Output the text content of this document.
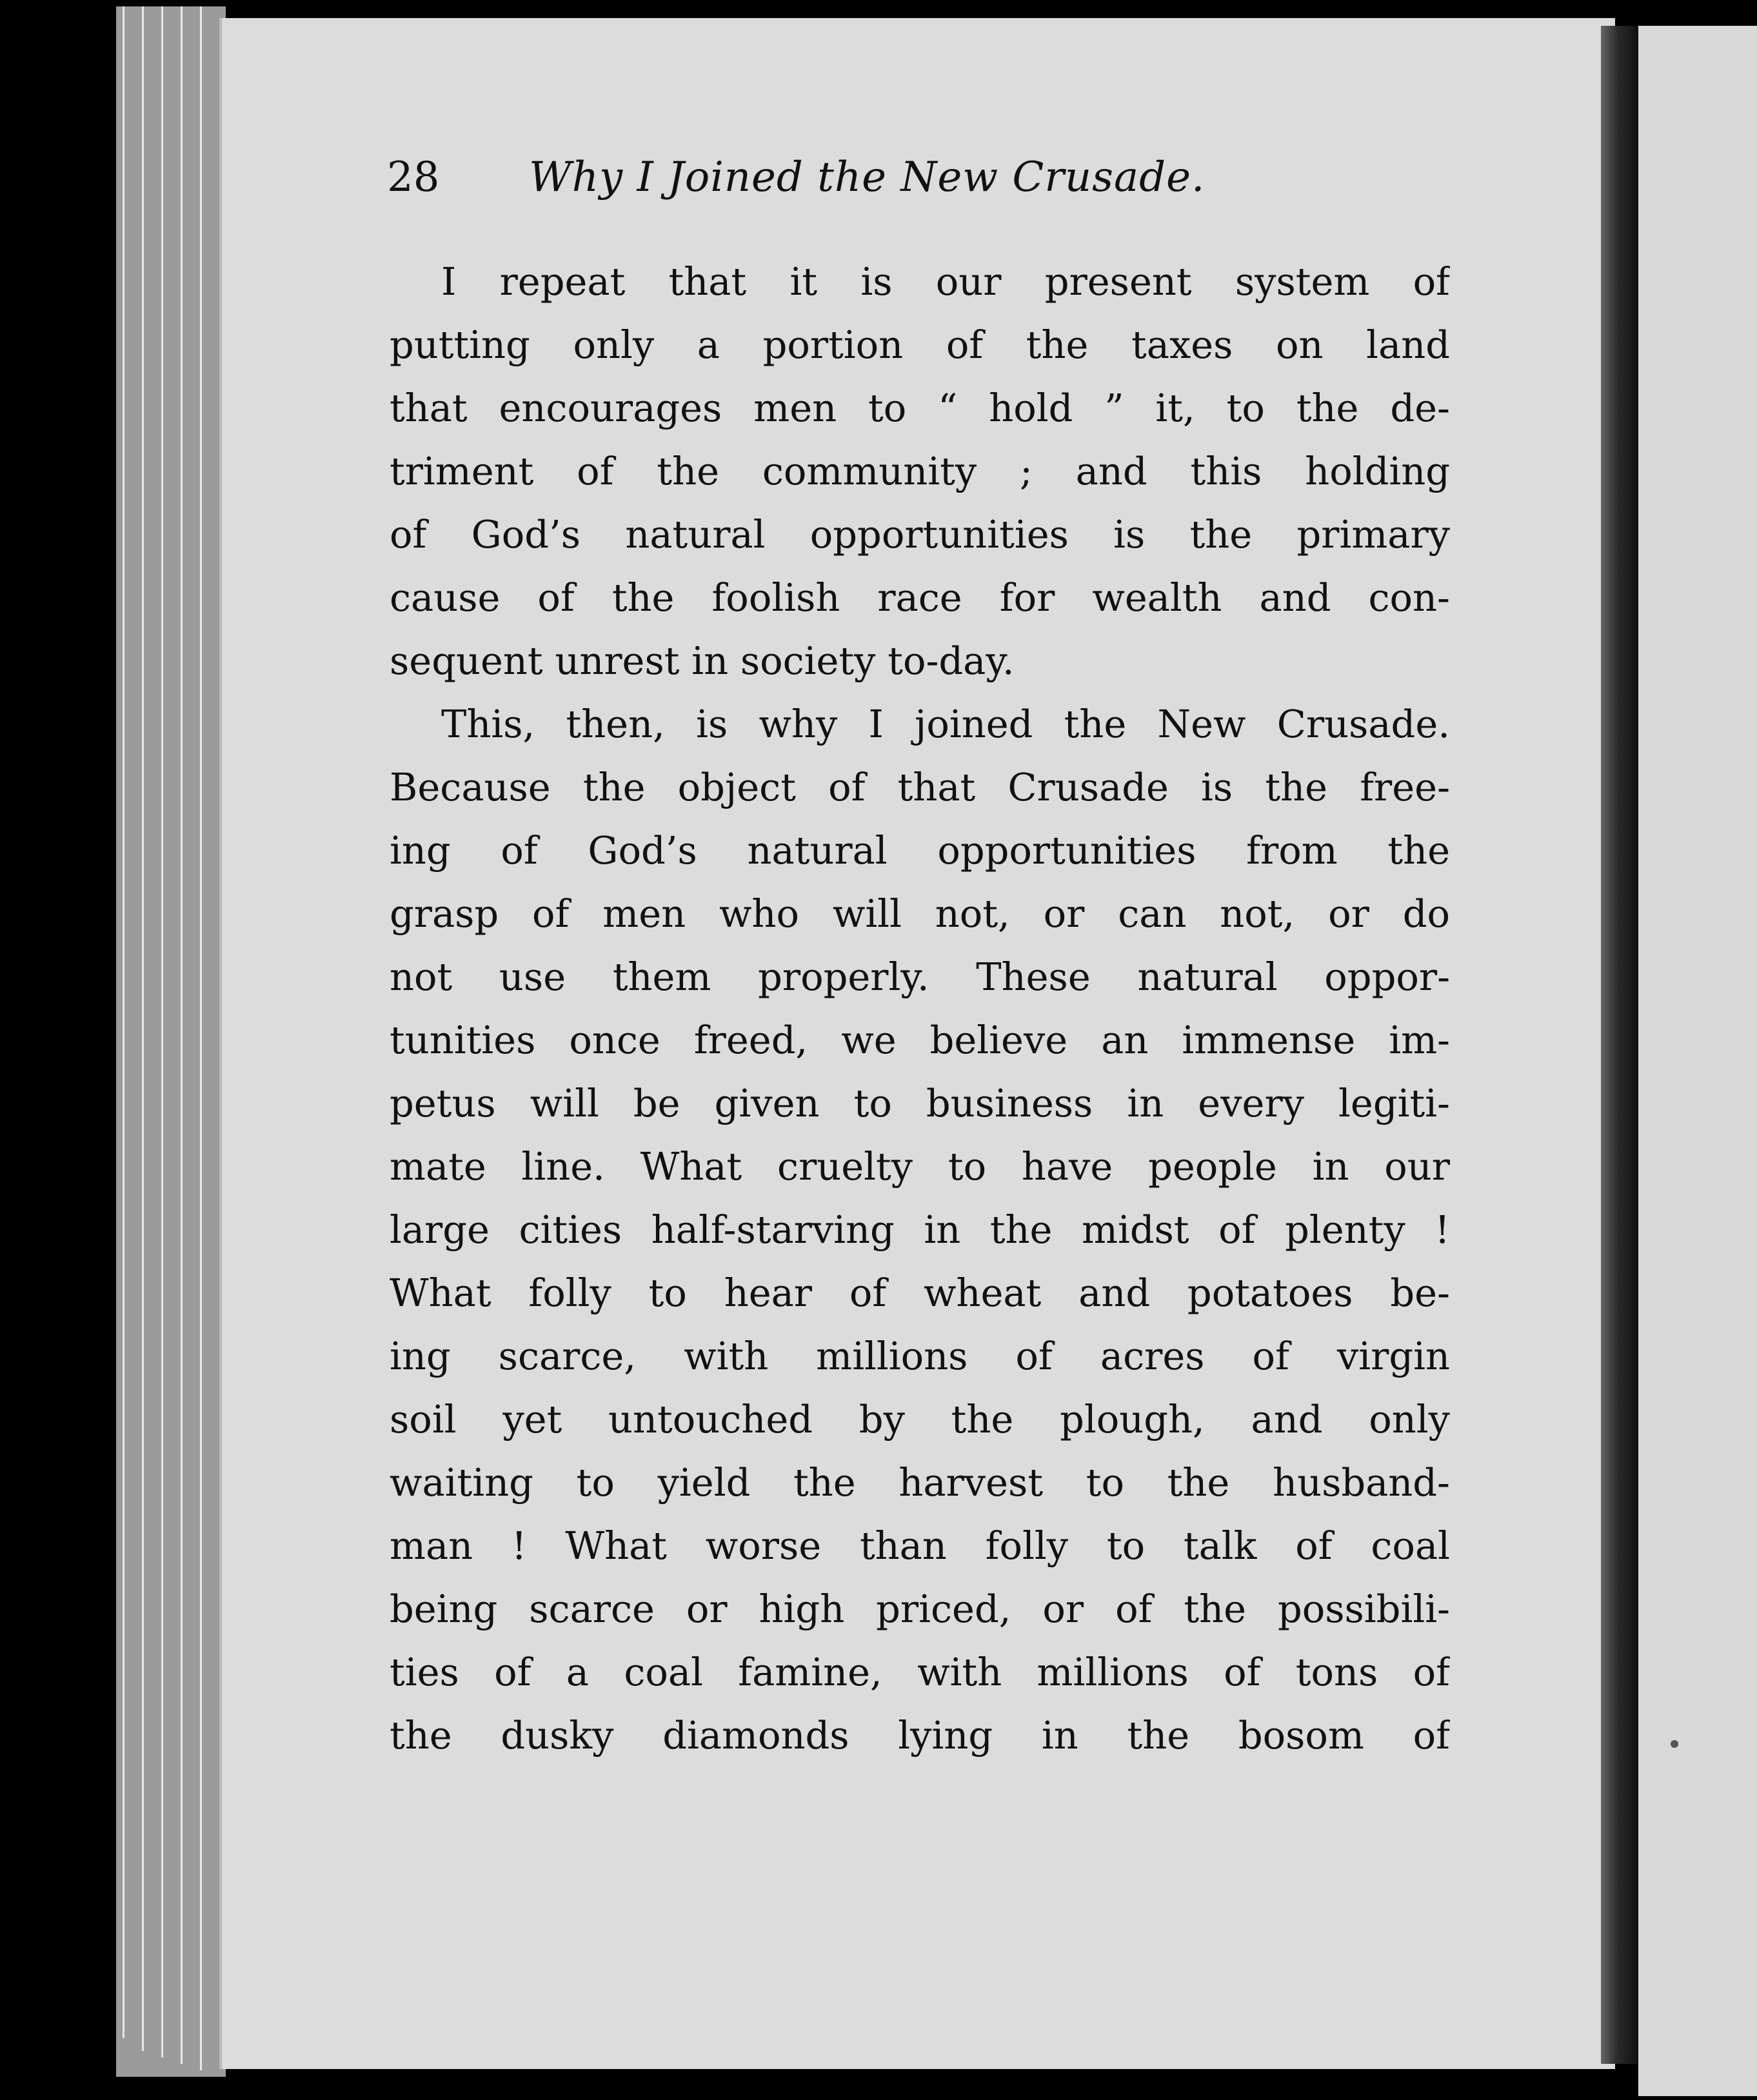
28 Why I Joined the New Crusade.
I repeat that it is our present system of
putting only a portion of the taxes on land
that encourages men to “ hold ” it, to the de-
triment of the community ; and this holding
of God’s natural opportunities is the primary
cause of the foolish race for wealth and con-
sequent unrest in society to-day.
This, then, is why I joined the New Crusade.
Because the object of that Crusade is the free-
ing of God’s natural opportunities from the
grasp of men who will not, or can not, or do
not use them properly. These natural oppor-
tunities once freed, we believe an immense im-
petus will be given to business in every legiti-
mate line. What cruelty to have people in our
large cities half-starving in the midst of plenty !
What folly to hear of wheat and potatoes be-
ing scarce, with millions of acres of virgin
soil yet untouched by the plough, and only
waiting to yield the harvest to the husband-
man ! What worse than folly to talk of coal
being scarce or high priced, or of the possibili-
ties of a coal famine, with millions of tons of
the dusky diamonds lying in the bosom of
